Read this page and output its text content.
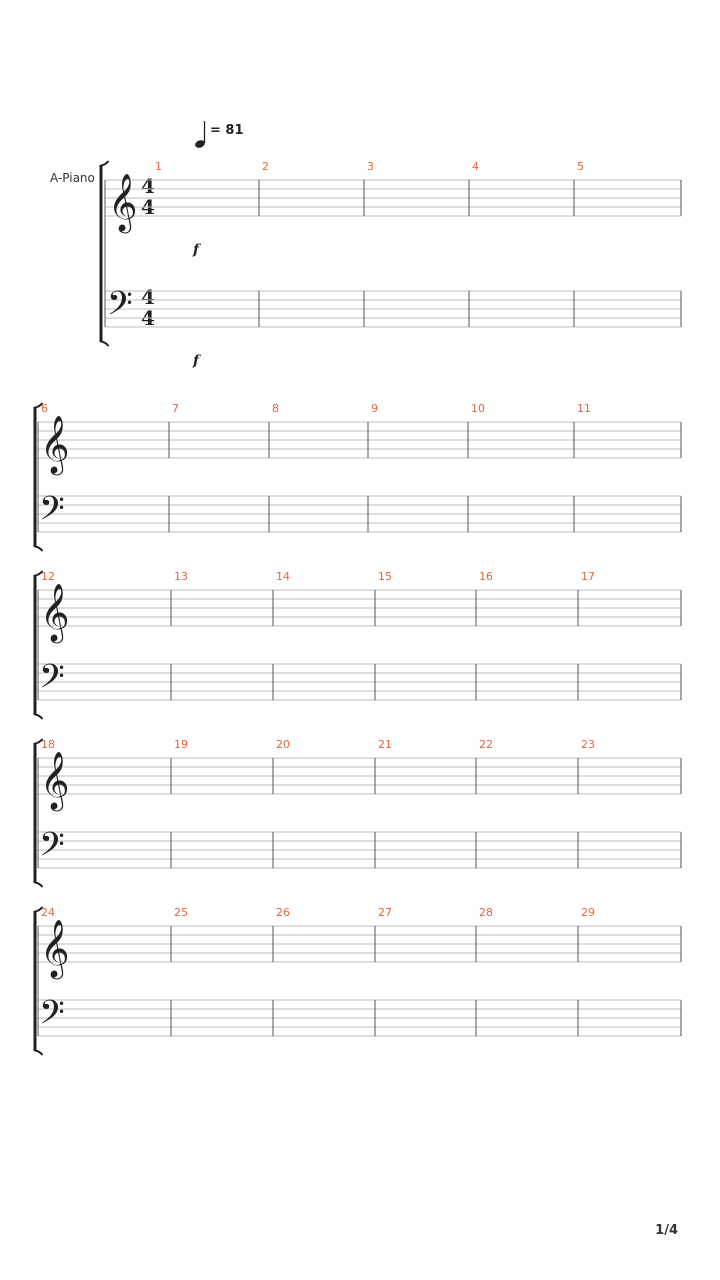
= 81
A-Piano 4
4
4
4
f
f
1/4
𝄞
𝄢
1	2	3	4	5
𝄞
𝄢
6	7	8	9	10	11
𝄞
𝄢
12	13	14	15	16	17
𝄞
𝄢
18	19	20	21	22	23
𝄞
𝄢
24	25	26	27	28	29
